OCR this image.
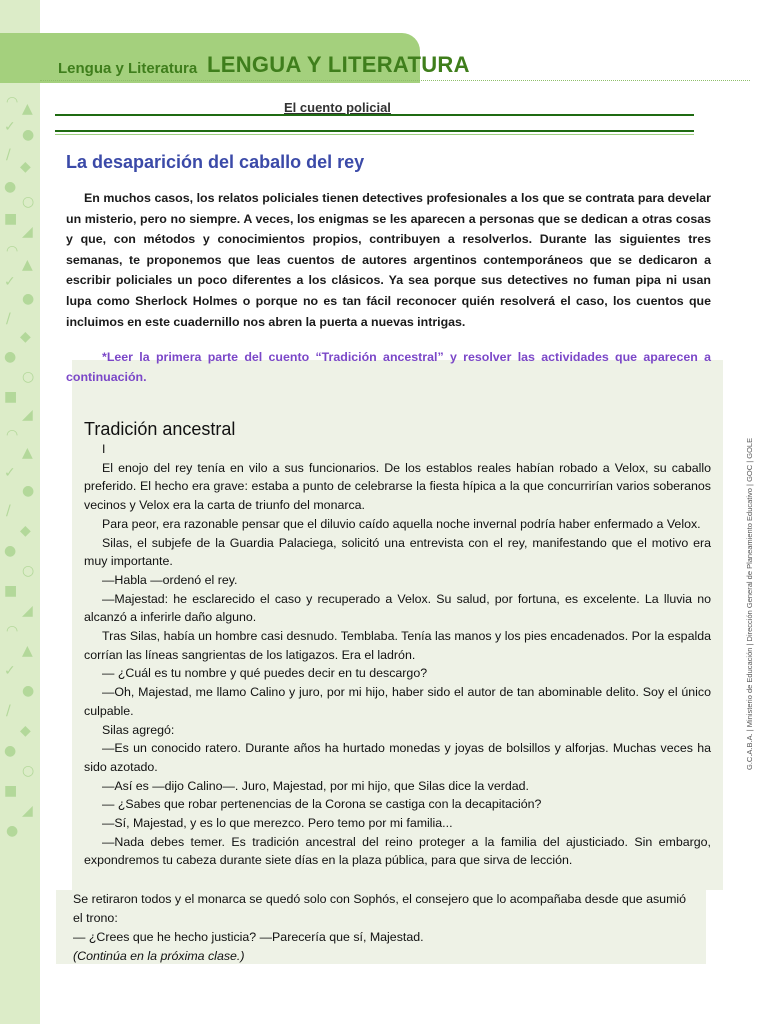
◠ ▲
✓ ●
/
◆
●
○
■
◢
◠
▲
✓
●
/
◆
●
○
■
◢
◠
▲
✓
●
/
◆
●
○
■
◢
◠
▲
✓
●
/
◆
●
○
■
◢
●
Lengua y Literatura LENGUA Y LITERATURA
El cuento policial
La desaparición del caballo del rey
En muchos casos, los relatos policiales tienen detectives profesionales a los que se contrata para develar un misterio, pero no siempre. A veces, los enigmas se les aparecen a personas que se dedican a otras cosas y que, con métodos y conocimientos propios, contribuyen a resolverlos. Durante las siguientes tres semanas, te proponemos que leas cuentos de autores argentinos contemporáneos que se dedicaron a escribir policiales un poco diferentes a los clásicos. Ya sea porque sus detectives no fuman pipa ni usan lupa como Sherlock Holmes o porque no es tan fácil reconocer quién resolverá el caso, los cuentos que incluimos en este cuadernillo nos abren la puerta a nuevas intrigas.
*Leer la primera parte del cuento “Tradición ancestral” y resolver las actividades que aparecen a continuación.
Tradición ancestral

I

El enojo del rey tenía en vilo a sus funcionarios. De los establos reales habían robado a Velox, su caballo preferido. El hecho era grave: estaba a punto de celebrarse la fiesta hípica a la que concurrirían varios soberanos vecinos y Velox era la carta de triunfo del monarca.

Para peor, era razonable pensar que el diluvio caído aquella noche invernal podría haber enfermado a Velox.

Silas, el subjefe de la Guardia Palaciega, solicitó una entrevista con el rey, manifestando que el motivo era muy importante.

—Habla —ordenó el rey.

—Majestad: he esclarecido el caso y recuperado a Velox. Su salud, por fortuna, es excelente. La lluvia no alcanzó a inferirle daño alguno.

Tras Silas, había un hombre casi desnudo. Temblaba. Tenía las manos y los pies encadenados. Por la espalda corrían las líneas sangrientas de los latigazos. Era el ladrón.

— ¿Cuál es tu nombre y qué puedes decir en tu descargo?

—Oh, Majestad, me llamo Calino y juro, por mi hijo, haber sido el autor de tan abominable delito. Soy el único culpable.

Silas agregó:

—Es un conocido ratero. Durante años ha hurtado monedas y joyas de bolsillos y alforjas. Muchas veces ha sido azotado.

—Así es —dijo Calino—. Juro, Majestad, por mi hijo, que Silas dice la verdad.

— ¿Sabes que robar pertenencias de la Corona se castiga con la decapitación?

—Sí, Majestad, y es lo que merezco. Pero temo por mi familia...

—Nada debes temer. Es tradición ancestral del reino proteger a la familia del ajusticiado. Sin embargo, expondremos tu cabeza durante siete días en la plaza pública, para que sirva de lección.

Se retiraron todos y el monarca se quedó solo con Sophós, el consejero que lo acompañaba desde que asumió el trono:

— ¿Crees que he hecho justicia? —Parecería que sí, Majestad.

(Continúa en la próxima clase.)

G.C.A.B.A. | Ministerio de Educación | Dirección General de Planeamiento Educativo | GOC | GOLE
